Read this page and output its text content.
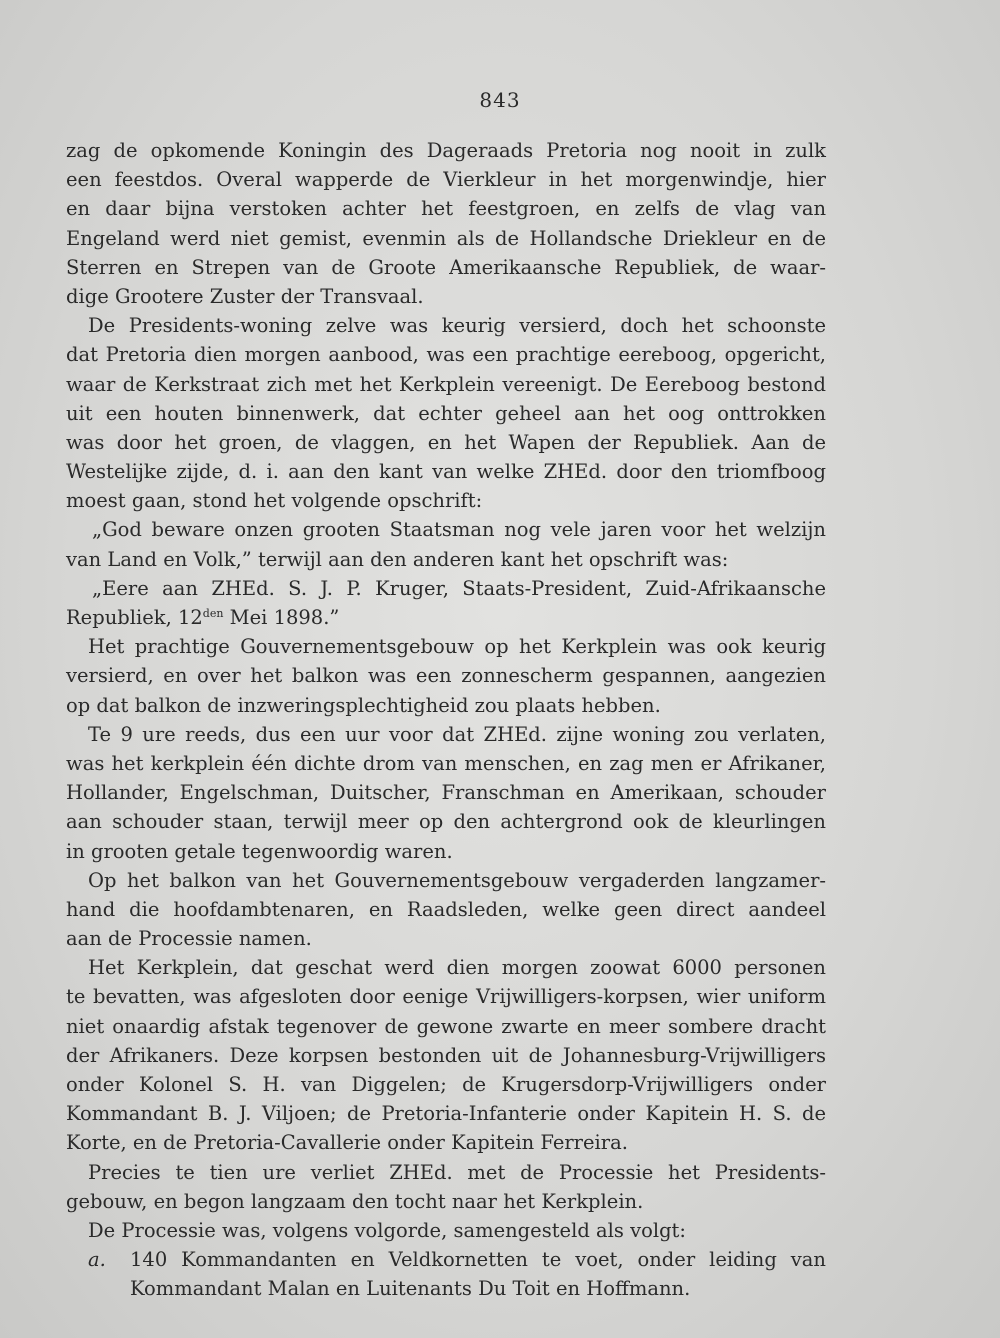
843
zag de opkomende Koningin des Dageraads Pretoria nog nooit in zulk
een feestdos. Overal wapperde de Vierkleur in het morgenwindje, hier
en daar bijna verstoken achter het feestgroen, en zelfs de vlag van
Engeland werd niet gemist, evenmin als de Hollandsche Driekleur en de
Sterren en Strepen van de Groote Amerikaansche Republiek, de waar-
dige Grootere Zuster der Transvaal.
De Presidents-woning zelve was keurig versierd, doch het schoonste
dat Pretoria dien morgen aanbood, was een prachtige eereboog, opgericht,
waar de Kerkstraat zich met het Kerkplein vereenigt. De Eereboog bestond
uit een houten binnenwerk, dat echter geheel aan het oog onttrokken
was door het groen, de vlaggen, en het Wapen der Republiek. Aan de
Westelijke zijde, d. i. aan den kant van welke ZHEd. door den triomfboog
moest gaan, stond het volgende opschrift:
„God beware onzen grooten Staatsman nog vele jaren voor het welzijn
van Land en Volk,” terwijl aan den anderen kant het opschrift was:
„Eere aan ZHEd. S. J. P. Kruger, Staats-President, Zuid-Afrikaansche
Republiek, $12^{den}$ Mei 1898.”
Het prachtige Gouvernementsgebouw op het Kerkplein was ook keurig
versierd, en over het balkon was een zonnescherm gespannen, aangezien
op dat balkon de inzweringsplechtigheid zou plaats hebben.
Te 9 ure reeds, dus een uur voor dat ZHEd. zijne woning zou verlaten,
was het kerkplein één dichte drom van menschen, en zag men er Afrikaner,
Hollander, Engelschman, Duitscher, Franschman en Amerikaan, schouder
aan schouder staan, terwijl meer op den achtergrond ook de kleurlingen
in grooten getale tegenwoordig waren.
Op het balkon van het Gouvernementsgebouw vergaderden langzamer-
hand die hoofdambtenaren, en Raadsleden, welke geen direct aandeel
aan de Processie namen.
Het Kerkplein, dat geschat werd dien morgen zoowat 6000 personen
te bevatten, was afgesloten door eenige Vrijwilligers-korpsen, wier uniform
niet onaardig afstak tegenover de gewone zwarte en meer sombere dracht
der Afrikaners. Deze korpsen bestonden uit de Johannesburg-Vrijwilligers
onder Kolonel S. H. van Diggelen; de Krugersdorp-Vrijwilligers onder
Kommandant B. J. Viljoen; de Pretoria-Infanterie onder Kapitein H. S. de
Korte, en de Pretoria-Cavallerie onder Kapitein Ferreira.
Precies te tien ure verliet ZHEd. met de Processie het Presidents-
gebouw, en begon langzaam den tocht naar het Kerkplein.
De Processie was, volgens volgorde, samengesteld als volgt:
a. 140 Kommandanten en Veldkornetten te voet, onder leiding van
Kommandant Malan en Luitenants Du Toit en Hoffmann.
